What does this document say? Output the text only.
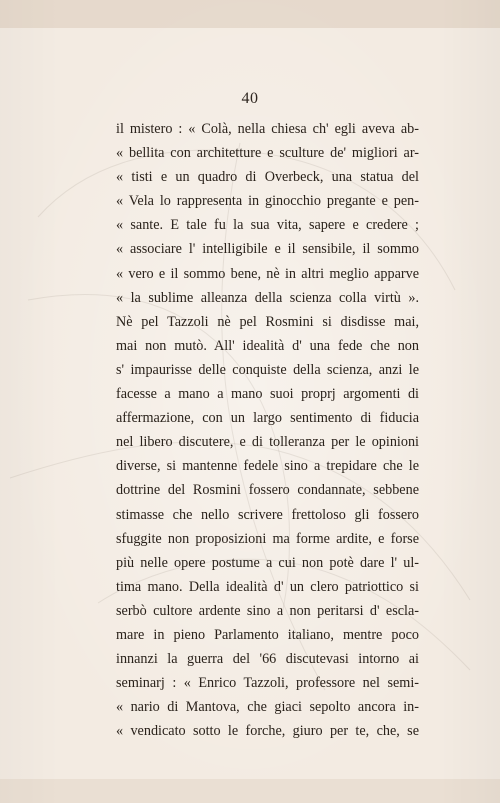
40
il mistero : « Colà, nella chiesa ch' egli aveva ab-
« bellita con architetture e sculture de' migliori ar-
« tisti e un quadro di Overbeck, una statua del
« Vela lo rappresenta in ginocchio pregante e pen-
« sante. E tale fu la sua vita, sapere e credere ;
« associare l' intelligibile e il sensibile, il sommo
« vero e il sommo bene, nè in altri meglio apparve
« la sublime alleanza della scienza colla virtù ».
Nè pel Tazzoli nè pel Rosmini si disdisse mai,
mai non mutò. All' idealità d' una fede che non
s' impaurisse delle conquiste della scienza, anzi le
facesse a mano a mano suoi proprj argomenti di
affermazione, con un largo sentimento di fiducia
nel libero discutere, e di tolleranza per le opinioni
diverse, si mantenne fedele sino a trepidare che le
dottrine del Rosmini fossero condannate, sebbene
stimasse che nello scrivere frettoloso gli fossero
sfuggite non proposizioni ma forme ardite, e forse
più nelle opere postume a cui non potè dare l' ul-
tima mano. Della idealità d' un clero patriottico si
serbò cultore ardente sino a non peritarsi d' escla-
mare in pieno Parlamento italiano, mentre poco
innanzi la guerra del '66 discutevasi intorno ai
seminarj : « Enrico Tazzoli, professore nel semi-
« nario di Mantova, che giaci sepolto ancora in-
« vendicato sotto le forche, giuro per te, che, se
